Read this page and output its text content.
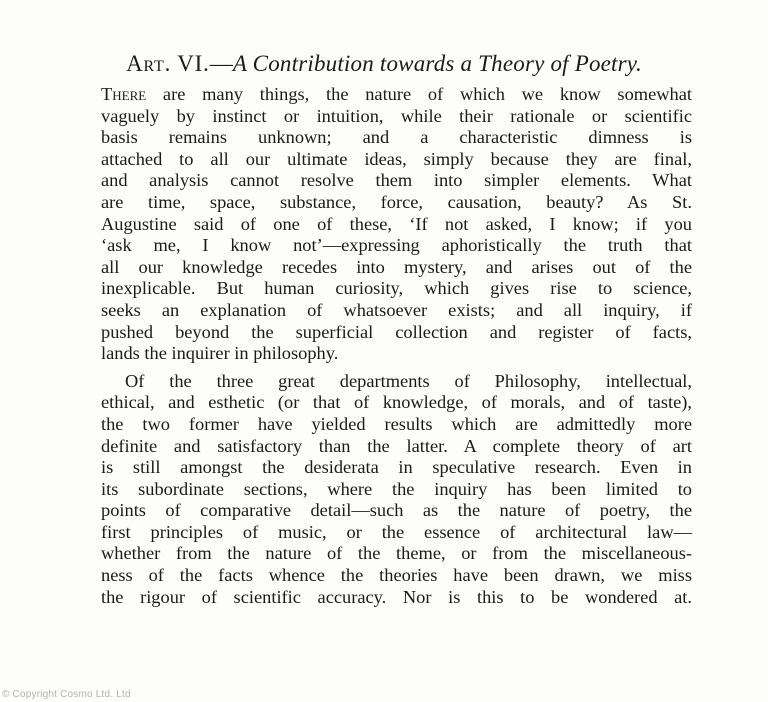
Art. VI.—A Contribution towards a Theory of Poetry.
There are many things, the nature of which we know somewhat
vaguely by instinct or intuition, while their rationale or scientific
basis remains unknown; and a characteristic dimness is
attached to all our ultimate ideas, simply because they are final,
and analysis cannot resolve them into simpler elements. What
are time, space, substance, force, causation, beauty? As St.
Augustine said of one of these, ‘If not asked, I know; if you
‘ask me, I know not’—expressing aphoristically the truth that
all our knowledge recedes into mystery, and arises out of the
inexplicable. But human curiosity, which gives rise to science,
seeks an explanation of whatsoever exists; and all inquiry, if
pushed beyond the superficial collection and register of facts,
lands the inquirer in philosophy.
Of the three great departments of Philosophy, intellectual,
ethical, and esthetic (or that of knowledge, of morals, and of taste),
the two former have yielded results which are admittedly more
definite and satisfactory than the latter. A complete theory of art
is still amongst the desiderata in speculative research. Even in
its subordinate sections, where the inquiry has been limited to
points of comparative detail—such as the nature of poetry, the
first principles of music, or the essence of architectural law—
whether from the nature of the theme, or from the miscellaneous-
ness of the facts whence the theories have been drawn, we miss
the rigour of scientific accuracy. Nor is this to be wondered at.
© Copyright Cosmo Ltd. Ltd
